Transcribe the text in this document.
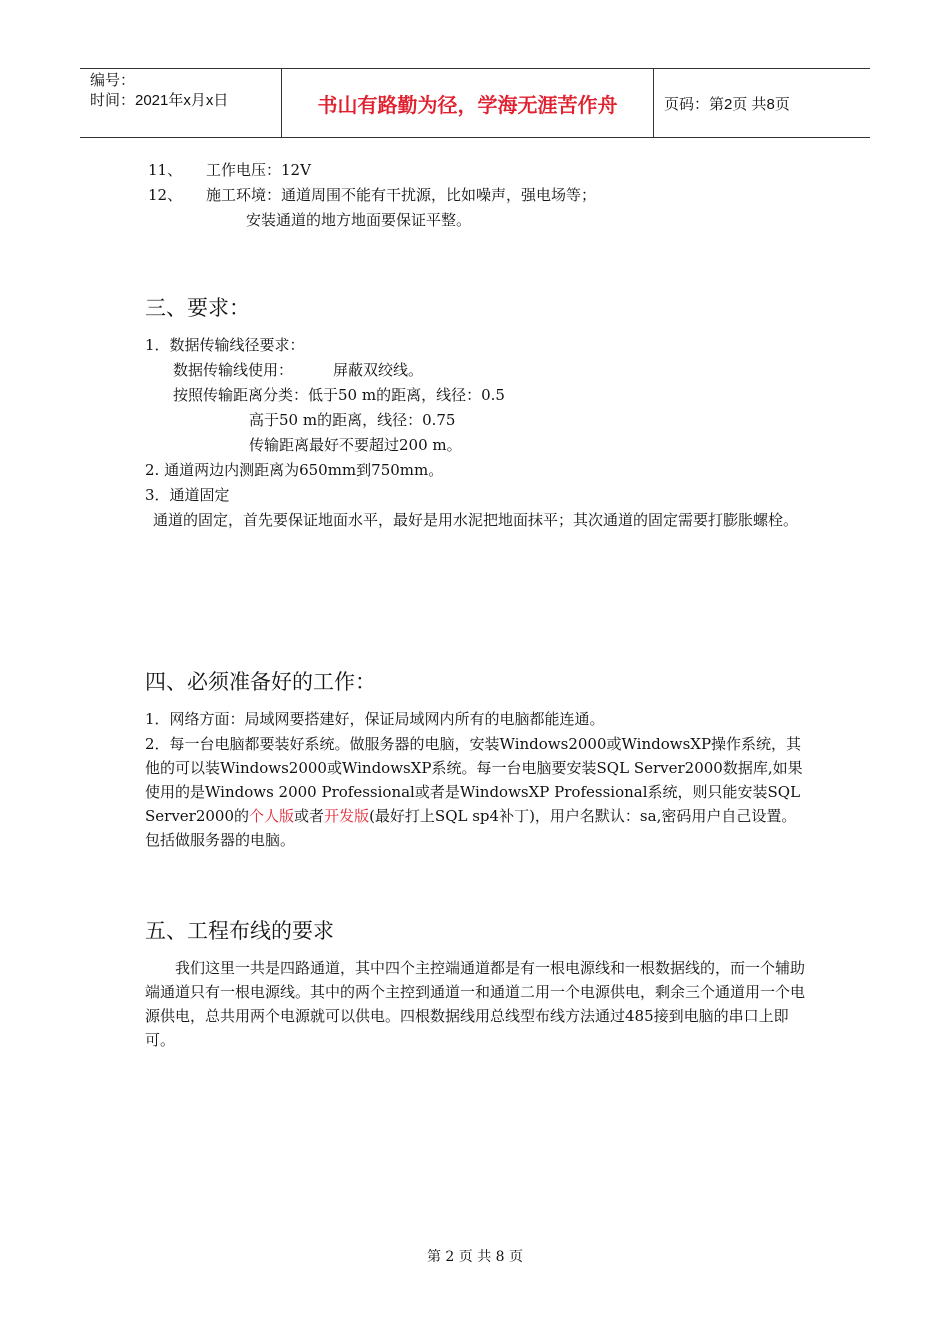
编号：
时间：2021年x月x日	书山有路勤为径，学海无涯苦作舟	页码：第2页 共8页
11、 工作电压：12V
12、 施工环境：通道周围不能有干扰源，比如噪声，强电场等；
安装通道的地方地面要保证平整。
三、要求：
1．数据传输线径要求：
数据传输线使用：	屏蔽双绞线。
按照传输距离分类：低于50 m的距离，线径：0.5
高于50 m的距离，线径：0.75
传输距离最好不要超过200 m。
2. 通道两边内测距离为650mm到750mm。
3．通道固定
通道的固定，首先要保证地面水平，最好是用水泥把地面抹平；其次通道的固定需要打膨胀螺栓。
四、必须准备好的工作：
1．网络方面：局域网要搭建好，保证局域网内所有的电脑都能连通。
2．每一台电脑都要装好系统。做服务器的电脑，安装Windows2000或WindowsXP操作系统，其他的可以装Windows2000或WindowsXP系统。每一台电脑要安装SQL Server2000数据库,如果使用的是Windows 2000 Professional或者是WindowsXP Professional系统，则只能安装SQL Server2000的个人版或者开发版(最好打上SQL sp4补丁)，用户名默认：sa,密码用户自己设置。包括做服务器的电脑。
五、工程布线的要求
我们这里一共是四路通道，其中四个主控端通道都是有一根电源线和一根数据线的，而一个辅助端通道只有一根电源线。其中的两个主控到通道一和通道二用一个电源供电，剩余三个通道用一个电源供电，总共用两个电源就可以供电。四根数据线用总线型布线方法通过485接到电脑的串口上即可。
第 2 页 共 8 页
